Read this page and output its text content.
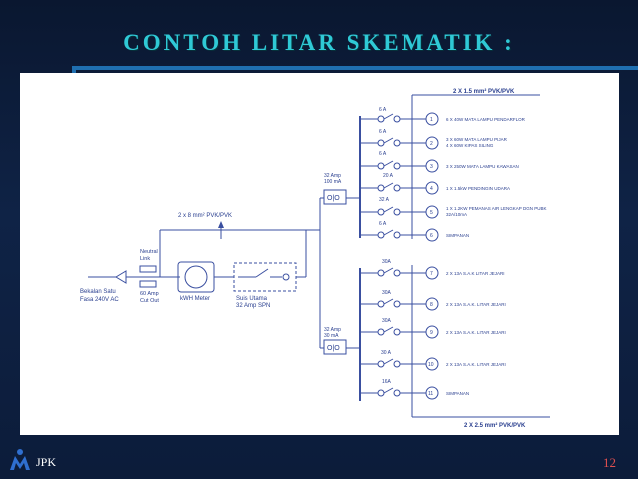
CONTOH LITAR SKEMATIK :
Bekalan Satu
Fasa 240V AC
Neutral
Link
60 Amp
Cut Out	kWH Meter	Suis Utama
32 Amp SPN
2 x 8 mm² PVK/PVK
O|O
32 Amp
100 mA
O|O
32 Amp
30 mA
2 X 1.5 mm² PVK/PVK
2 X 2.5 mm² PVK/PVK
6 A
1	6 X 40W MATA LAMPU PENDARFLOR
6 A
2
3 X 60W MATA LAMPU PIJAR
4 X 60W KIPAS SILING
6 A
3	3 X 250W MATA LAMPU KAWASAN
20 A
4	1 X 1.5kW PENDINGIN UDARA
32 A
5
1 X 1.2KW PEMANAS AIR LENGKAP DGN PUBK
32A/10mA
6 A
6	SIMPANAN
30A
7	2 X 13A S.A.K LITAR JEJARI
30A
8	2 X 13A S.A.K. LITAR JEJARI
30A
9	2 X 13A S.A.K. LITAR JEJARI
30 A
10	2 X 13A S.A.K. LITAR JEJARI
16A
11	SIMPANAN
JPK	12
